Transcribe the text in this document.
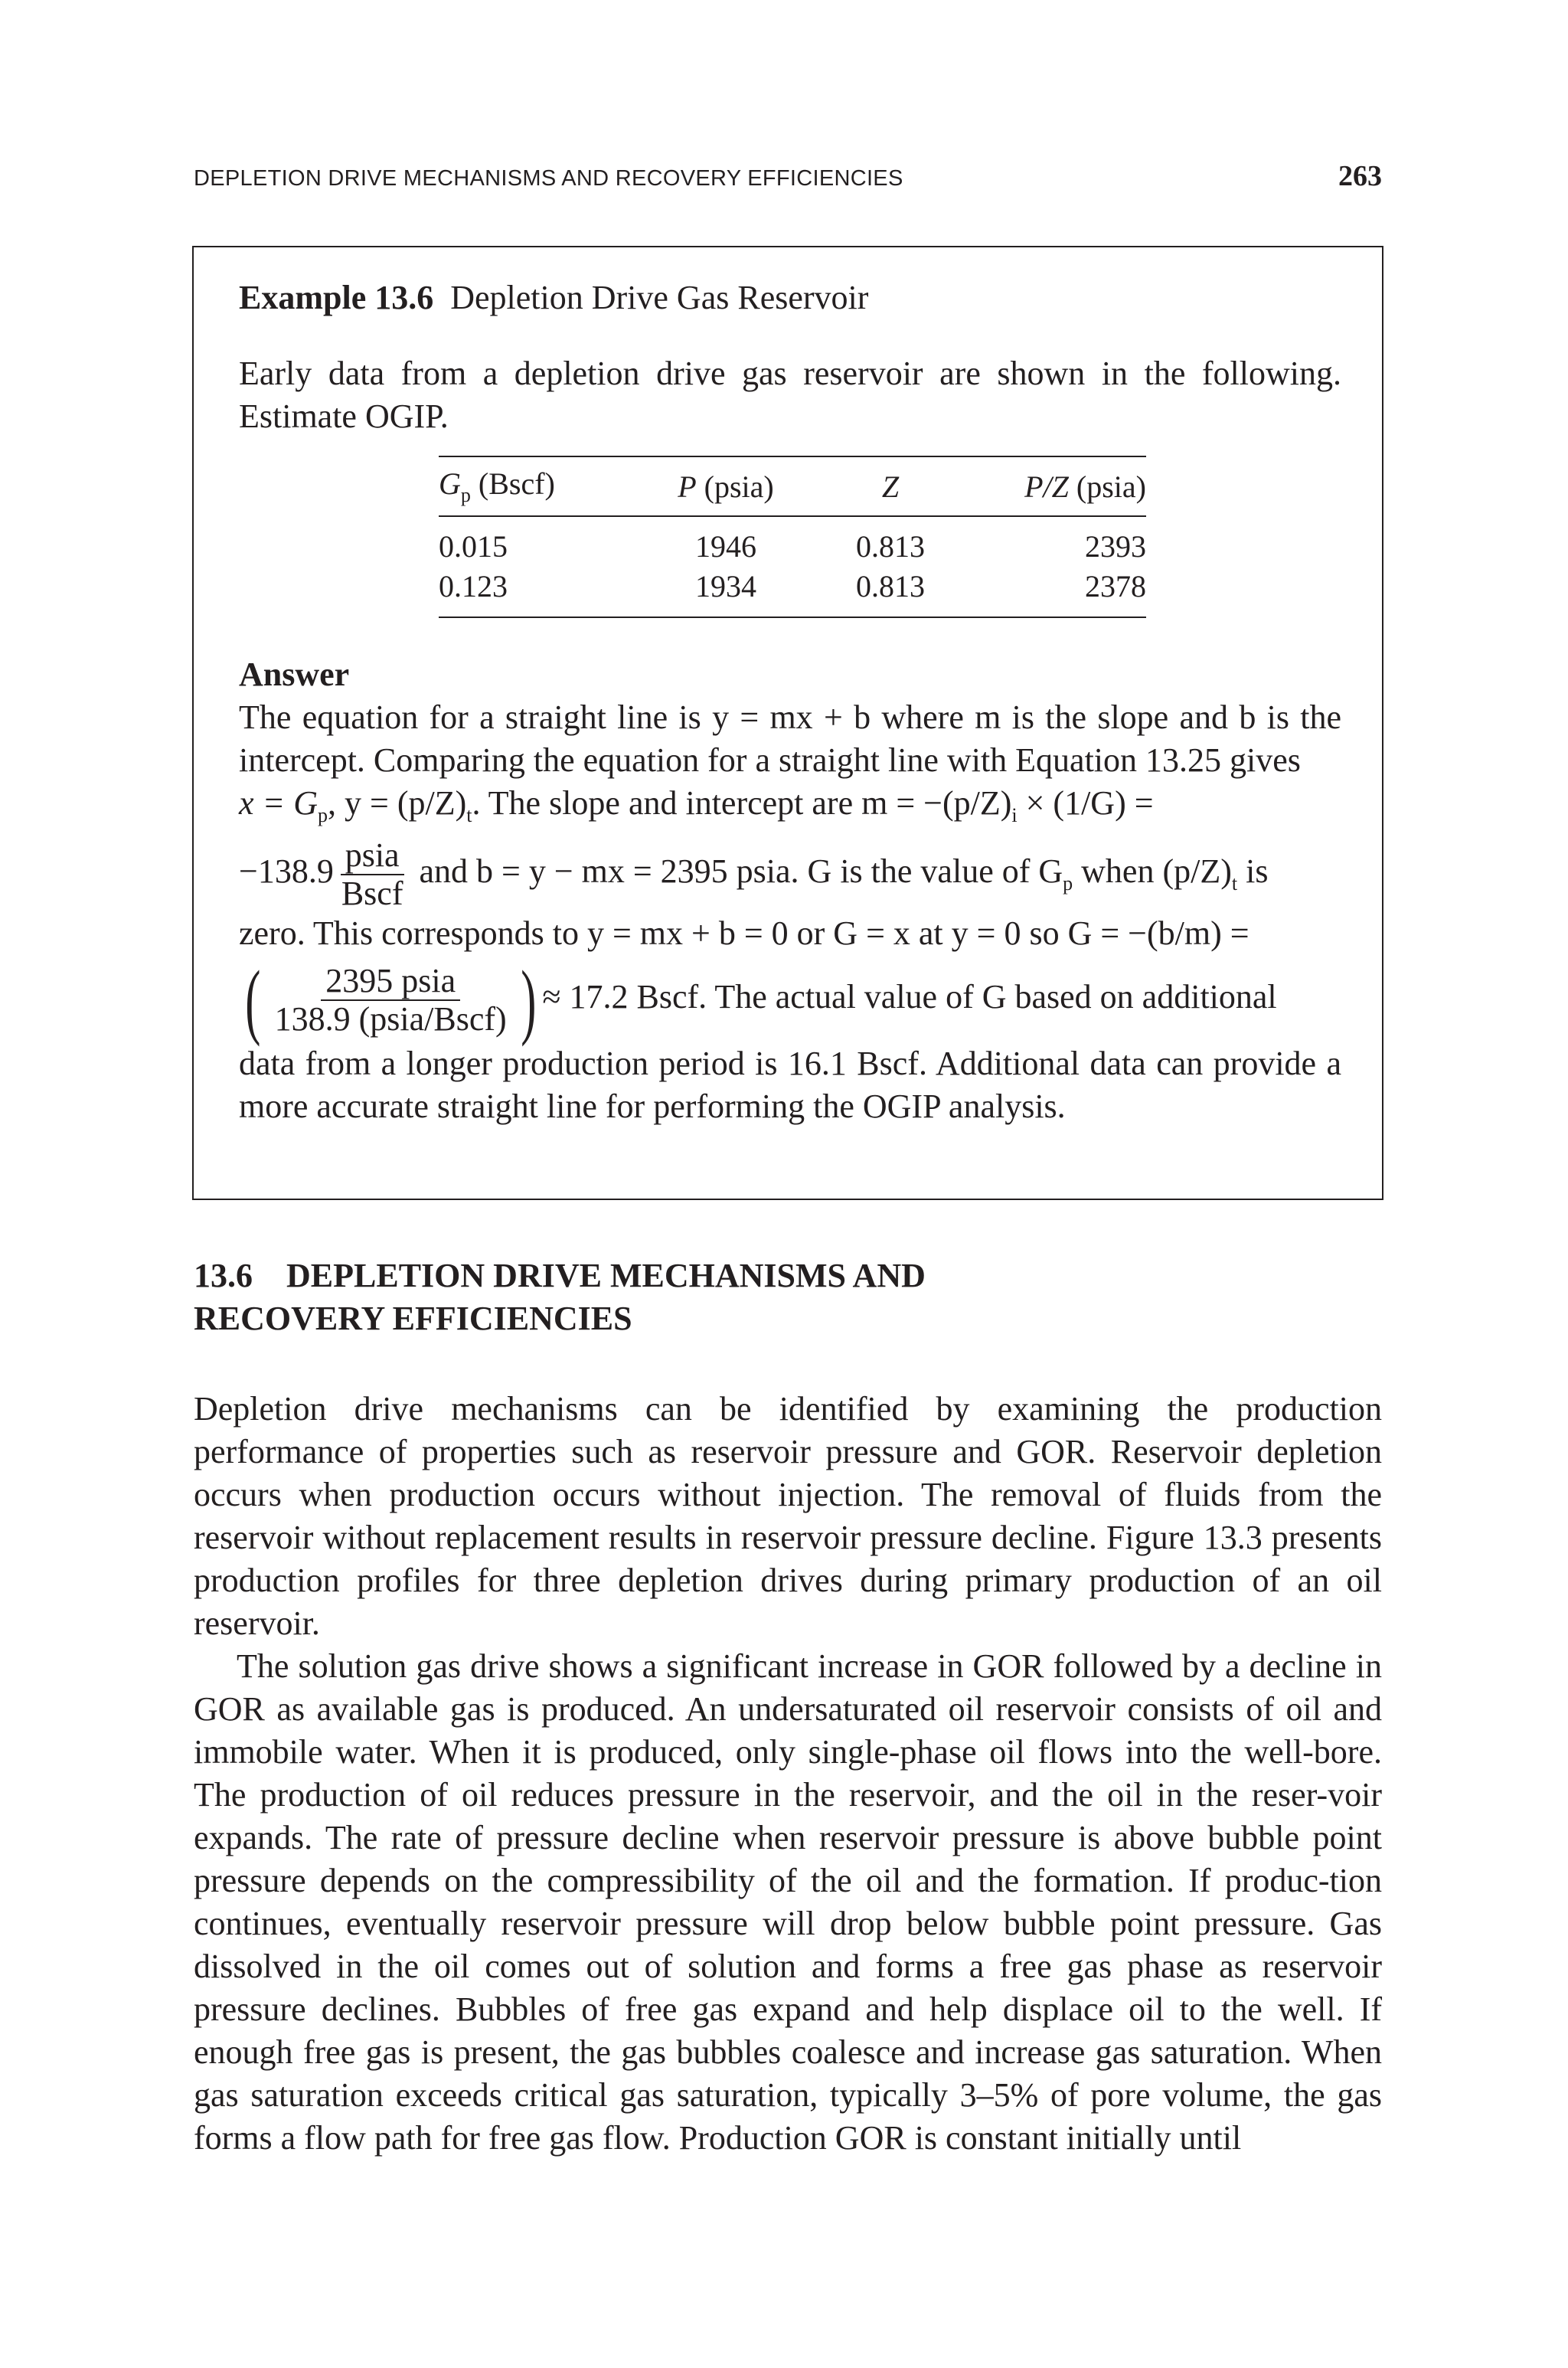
DEPLETION DRIVE MECHANISMS AND RECOVERY EFFICIENCIES	263

Example 13.6 Depletion Drive Gas Reservoir

Early data from a depletion drive gas reservoir are shown in the following. Estimate OGIP.

$G_p$ (Bscf)	P (psia)	Z	P/Z (psia)
0.015	1946	0.813	2393
0.123	1934	0.813	2378

Answer

The equation for a straight line is y = mx + b where m is the slope and b is the intercept. Comparing the equation for a straight line with Equation 13.25 gives

$x = G_p$, $y = (p/Z)_t$. The slope and intercept are $m = -(p/Z)_i \times (1/G)$ =

$-138.9 \frac{\text{psia}}{\text{Bscf}}$ and b = y − mx = 2395 psia. G is the value of $G_p$ when $(p/Z)_t$ is

zero. This corresponds to y = mx + b = 0 or G = x at y = 0 so G = −(b/m) =

( $\frac{\text{2395 psia}}{\text{138.9 (psia/Bscf)}}$ ) ≈ 17.2 Bscf. The actual value of G based on additional

data from a longer production period is 16.1 Bscf. Additional data can provide a more accurate straight line for performing the OGIP analysis.

13.6 DEPLETION DRIVE MECHANISMS AND
RECOVERY EFFICIENCIES

Depletion drive mechanisms can be identified by examining the production performance of properties such as reservoir pressure and GOR. Reservoir depletion occurs when production occurs without injection. The removal of fluids from the reservoir without replacement results in reservoir pressure decline. Figure 13.3 presents production profiles for three depletion drives during primary production of an oil reservoir.

The solution gas drive shows a significant increase in GOR followed by a decline in GOR as available gas is produced. An undersaturated oil reservoir consists of oil and immobile water. When it is produced, only single-phase oil flows into the well-bore. The production of oil reduces pressure in the reservoir, and the oil in the reser-voir expands. The rate of pressure decline when reservoir pressure is above bubble point pressure depends on the compressibility of the oil and the formation. If produc-tion continues, eventually reservoir pressure will drop below bubble point pressure. Gas dissolved in the oil comes out of solution and forms a free gas phase as reservoir pressure declines. Bubbles of free gas expand and help displace oil to the well. If enough free gas is present, the gas bubbles coalesce and increase gas saturation. When gas saturation exceeds critical gas saturation, typically 3–5% of pore volume, the gas forms a flow path for free gas flow. Production GOR is constant initially until
